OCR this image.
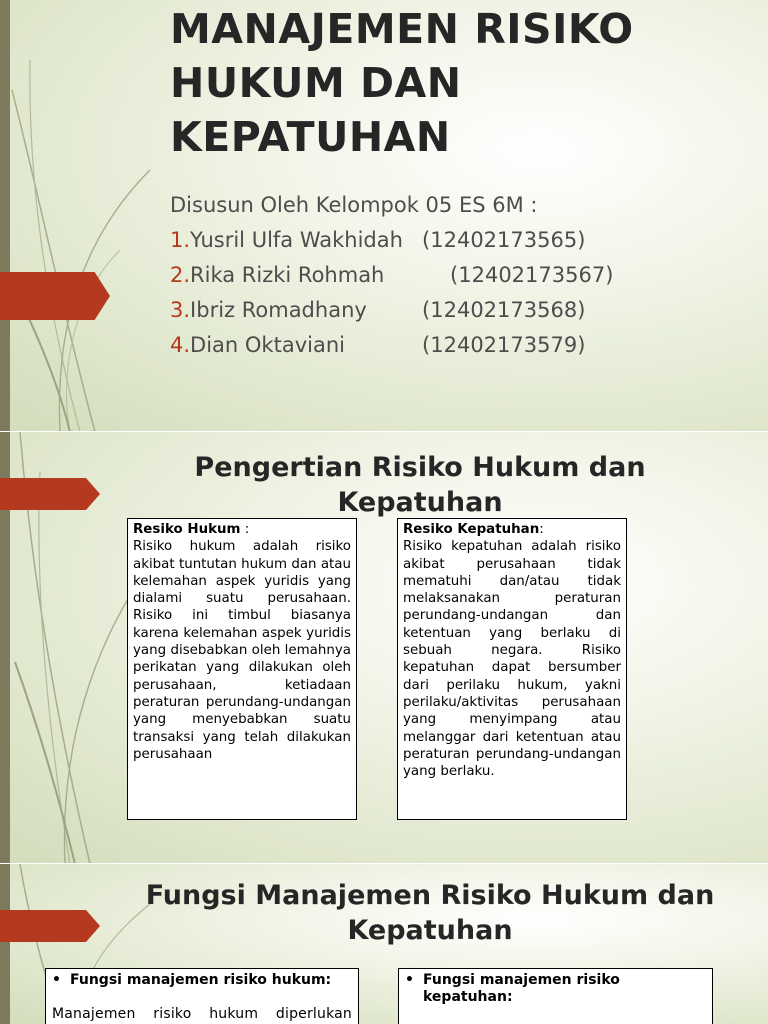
MANAJEMEN RISIKO
HUKUM DAN
KEPATUHAN
Disusun Oleh Kelompok 05 ES 6M :
1.Yusril Ulfa Wakhidah (12402173565)
2.Rika Rizki Rohmah	(12402173567)
3.Ibriz Romadhany	(12402173568)
4.Dian Oktaviani	(12402173579)
Pengertian Risiko Hukum dan Kepatuhan
Resiko Hukum :

Risiko hukum adalah risiko akibat tuntutan hukum dan atau kelemahan aspek yuridis yang dialami suatu perusahaan. Risiko ini timbul biasanya karena kelemahan aspek yuridis yang disebabkan oleh lemahnya perikatan yang dilakukan oleh perusahaan, ketiadaan peraturan perundang-undangan yang menyebabkan suatu transaksi yang telah dilakukan perusahaan

Resiko Kepatuhan:

Risiko kepatuhan adalah risiko akibat perusahaan tidak mematuhi dan/atau tidak melaksanakan peraturan perundang-undangan dan ketentuan yang berlaku di sebuah negara. Risiko kepatuhan dapat bersumber dari perilaku hukum, yakni perilaku/aktivitas perusahaan yang menyimpang atau melanggar dari ketentuan atau peraturan perundang-undangan yang berlaku.

Fungsi Manajemen Risiko Hukum dan Kepatuhan
• Fungsi manajemen risiko hukum:
Manajemen risiko hukum diperlukan
• Fungsi manajemen risiko kepatuhan:
